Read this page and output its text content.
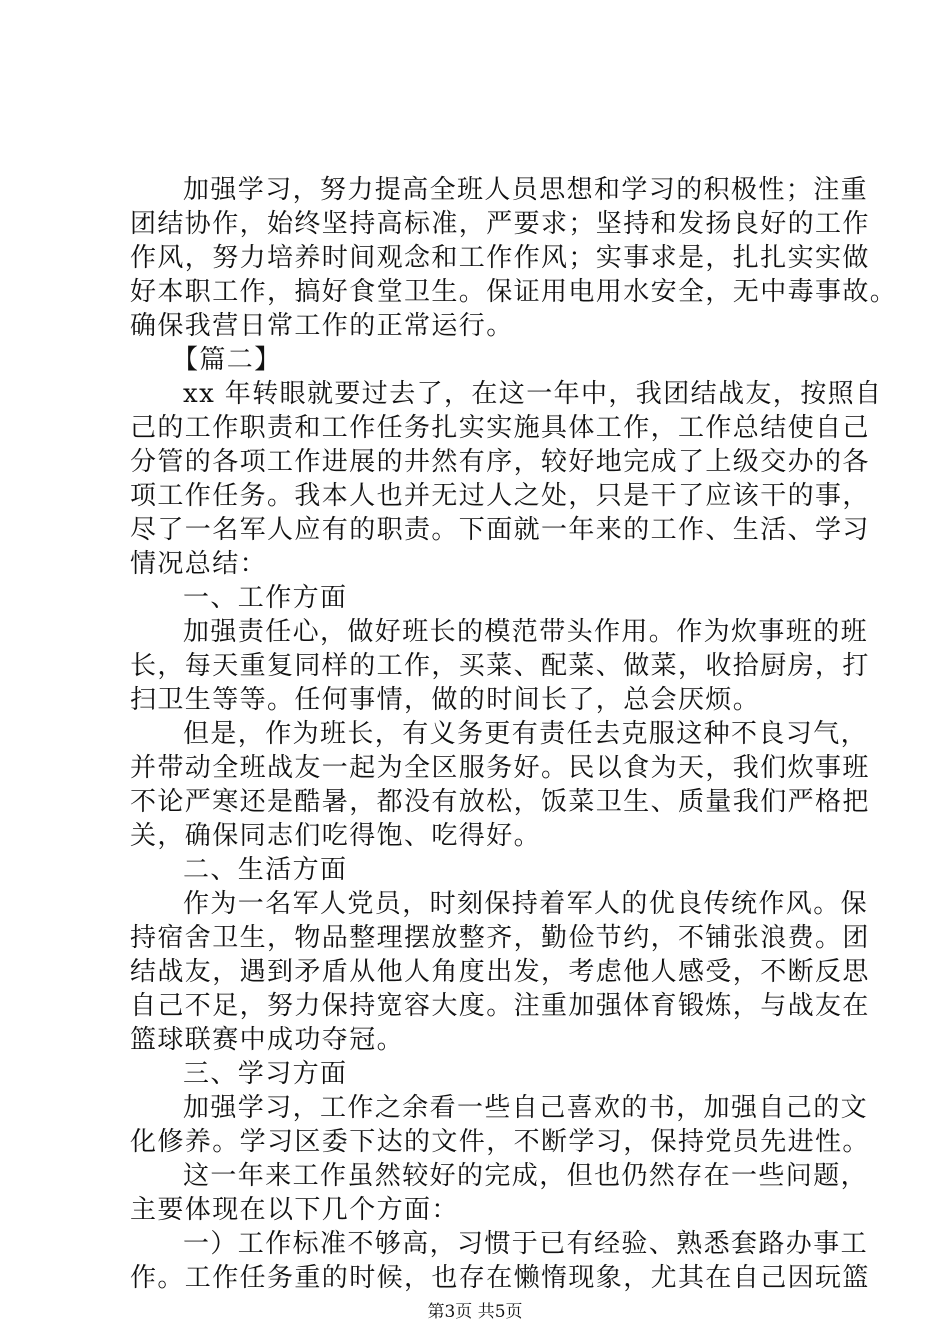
加强学习，努力提高全班人员思想和学习的积极性；注重
团结协作，始终坚持高标准，严要求；坚持和发扬良好的工作
作风，努力培养时间观念和工作作风；实事求是，扎扎实实做
好本职工作，搞好食堂卫生。保证用电用水安全，无中毒事故。
确保我营日常工作的正常运行。
【篇二】
xx 年转眼就要过去了，在这一年中，我团结战友，按照自
己的工作职责和工作任务扎实实施具体工作，工作总结使自己
分管的各项工作进展的井然有序，较好地完成了上级交办的各
项工作任务。我本人也并无过人之处，只是干了应该干的事，
尽了一名军人应有的职责。下面就一年来的工作、生活、学习
情况总结：
一、工作方面
加强责任心，做好班长的模范带头作用。作为炊事班的班
长，每天重复同样的工作，买菜、配菜、做菜，收拾厨房，打
扫卫生等等。任何事情，做的时间长了，总会厌烦。
但是，作为班长，有义务更有责任去克服这种不良习气，
并带动全班战友一起为全区服务好。民以食为天，我们炊事班
不论严寒还是酷暑，都没有放松，饭菜卫生、质量我们严格把
关，确保同志们吃得饱、吃得好。
二、生活方面
作为一名军人党员，时刻保持着军人的优良传统作风。保
持宿舍卫生，物品整理摆放整齐，勤俭节约，不铺张浪费。团
结战友，遇到矛盾从他人角度出发，考虑他人感受，不断反思
自己不足，努力保持宽容大度。注重加强体育锻炼，与战友在
篮球联赛中成功夺冠。
三、学习方面
加强学习，工作之余看一些自己喜欢的书，加强自己的文
化修养。学习区委下达的文件，不断学习，保持党员先进性。
这一年来工作虽然较好的完成，但也仍然存在一些问题，
主要体现在以下几个方面：
一）工作标准不够高，习惯于已有经验、熟悉套路办事工
作。工作任务重的时候，也存在懒惰现象，尤其在自己因玩篮
第3页 共5页
